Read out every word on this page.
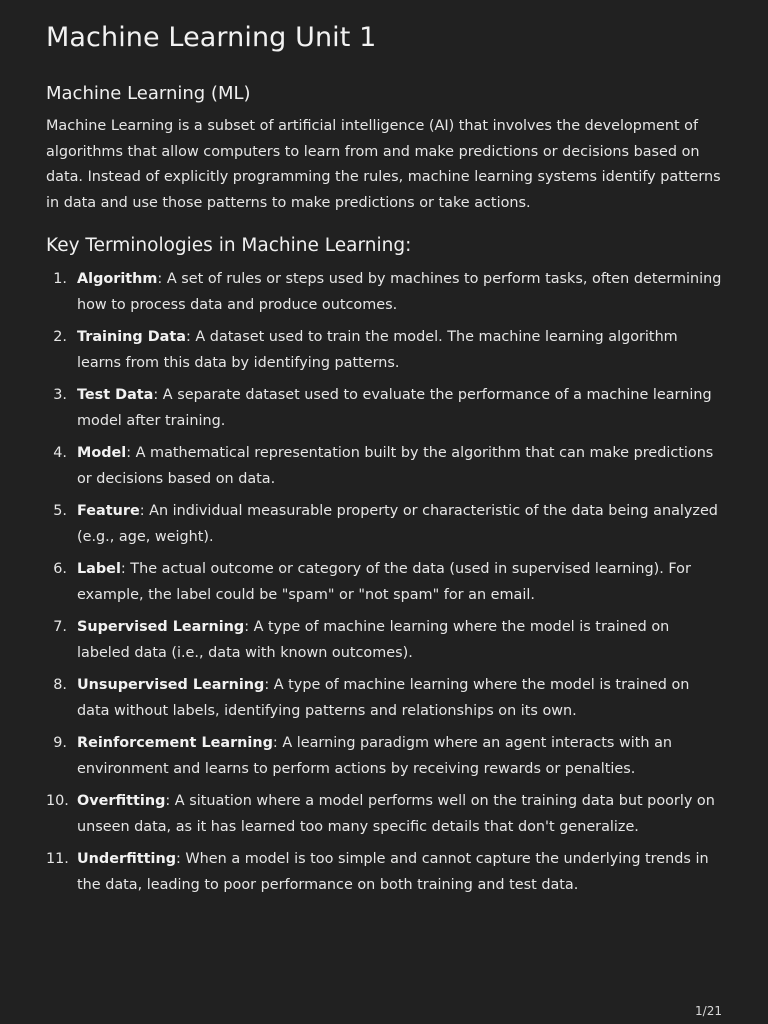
Machine Learning Unit 1
Machine Learning (ML)

Machine Learning is a subset of artificial intelligence (AI) that involves the development of algorithms that allow computers to learn from and make predictions or decisions based on data. Instead of explicitly programming the rules, machine learning systems identify patterns in data and use those patterns to make predictions or take actions.

Key Terminologies in Machine Learning:
1. Algorithm: A set of rules or steps used by machines to perform tasks, often determining how to process data and produce outcomes.
2. Training Data: A dataset used to train the model. The machine learning algorithm learns from this data by identifying patterns.
3. Test Data: A separate dataset used to evaluate the performance of a machine learning model after training.
4. Model: A mathematical representation built by the algorithm that can make predictions or decisions based on data.
5. Feature: An individual measurable property or characteristic of the data being analyzed (e.g., age, weight).
6. Label: The actual outcome or category of the data (used in supervised learning). For example, the label could be "spam" or "not spam" for an email.
7. Supervised Learning: A type of machine learning where the model is trained on labeled data (i.e., data with known outcomes).
8. Unsupervised Learning: A type of machine learning where the model is trained on data without labels, identifying patterns and relationships on its own.
9. Reinforcement Learning: A learning paradigm where an agent interacts with an environment and learns to perform actions by receiving rewards or penalties.
10. Overfitting: A situation where a model performs well on the training data but poorly on unseen data, as it has learned too many specific details that don't generalize.
11. Underfitting: When a model is too simple and cannot capture the underlying trends in the data, leading to poor performance on both training and test data.
1/21
